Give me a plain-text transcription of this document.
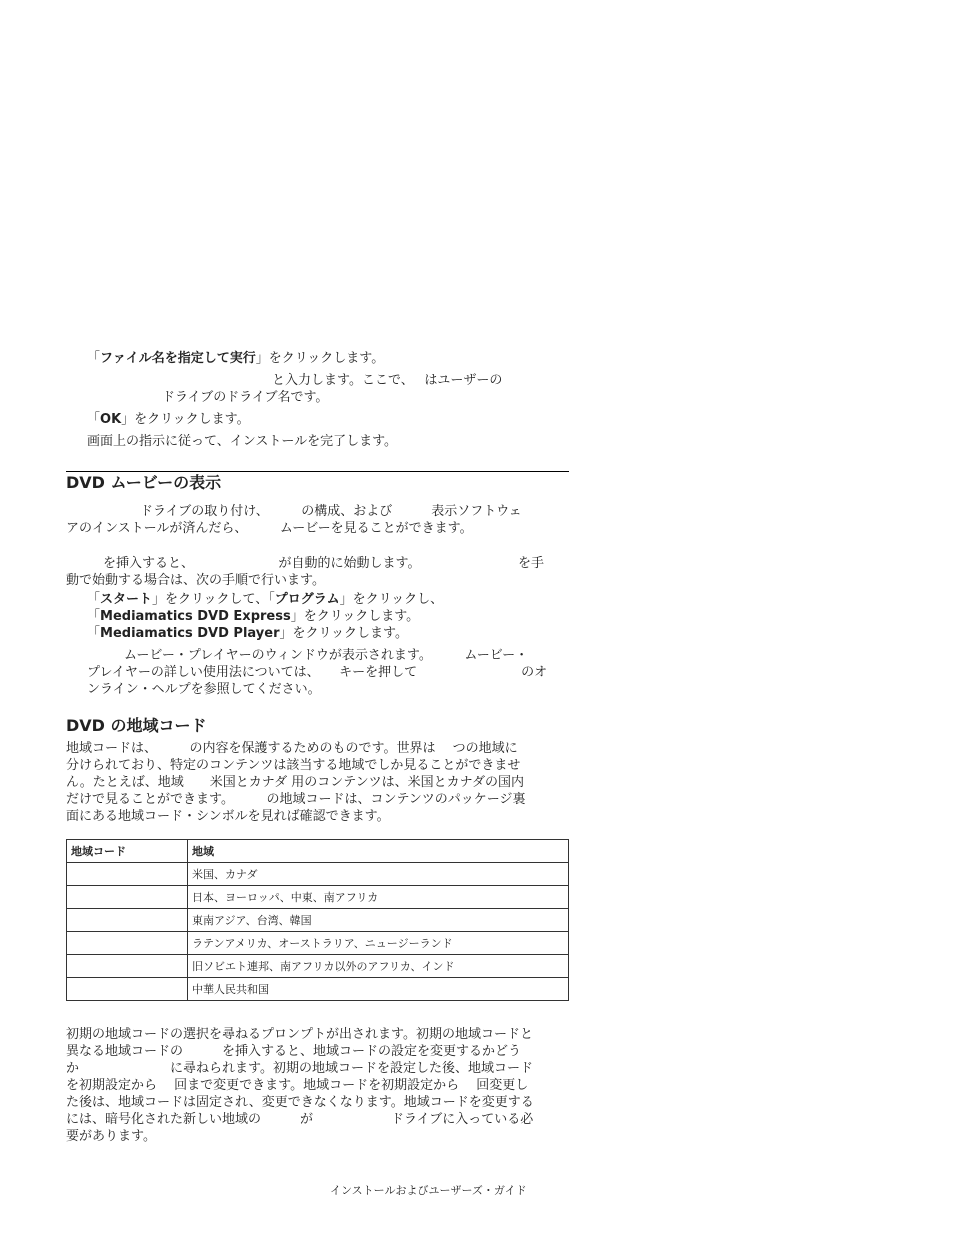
「ファイル名を指定して実行」をクリックします。
と入力します。ここで、　 はユーザーの
ドライブのドライブ名です。
「OK」をクリックします。
画面上の指示に従って、インストールを完了します。
DVD ムービーの表示
ドライブの取り付け、　　　の構成、および　　　表示ソフトウェ
アのインストールが済んだら、　　　ムービーを見ることができます。
を挿入すると、　　　　　　　が自動的に始動します。　　　　　　　　を手
動で始動する場合は、次の手順で行います。
「スタート」をクリックして、「プログラム」をクリックし、
「Mediamatics DVD Express」をクリックします。
「Mediamatics DVD Player」をクリックします。
ムービー・プレイヤーのウィンドウが表示されます。　　　ムービー・
プレイヤーの詳しい使用法については、　　キーを押して　　　　　　　　のオ
ンライン・ヘルプを参照してください。
DVD の地域コード
地域コードは、　　　の内容を保護するためのものです。世界は　 つの地域に
分けられており、特定のコンテンツは該当する地域でしか見ることができませ
ん。たとえば、地域　　米国とカナダ 用のコンテンツは、米国とカナダの国内
だけで見ることができます。　　　の地域コードは、コンテンツのパッケージ裏
面にある地域コード・シンボルを見れば確認できます。
地域コード	地域
	米国、カナダ
	日本、ヨーロッパ、中東、南アフリカ
	東南アジア、台湾、韓国
	ラテンアメリカ、オーストラリア、ニュージーランド
	旧ソビエト連邦、南アフリカ以外のアフリカ、インド
	中華人民共和国
初期の地域コードの選択を尋ねるプロンプトが出されます。初期の地域コードと
異なる地域コードの　　　を挿入すると、地域コードの設定を変更するかどう
か　　　　　　　に尋ねられます。初期の地域コードを設定した後、地域コード
を初期設定から　 回まで変更できます。地域コードを初期設定から　 回変更し
た後は、地域コードは固定され、変更できなくなります。地域コードを変更する
には、暗号化された新しい地域の　　　が　　　　　　ドライブに入っている必
要があります。
インストールおよびユーザーズ・ガイド
